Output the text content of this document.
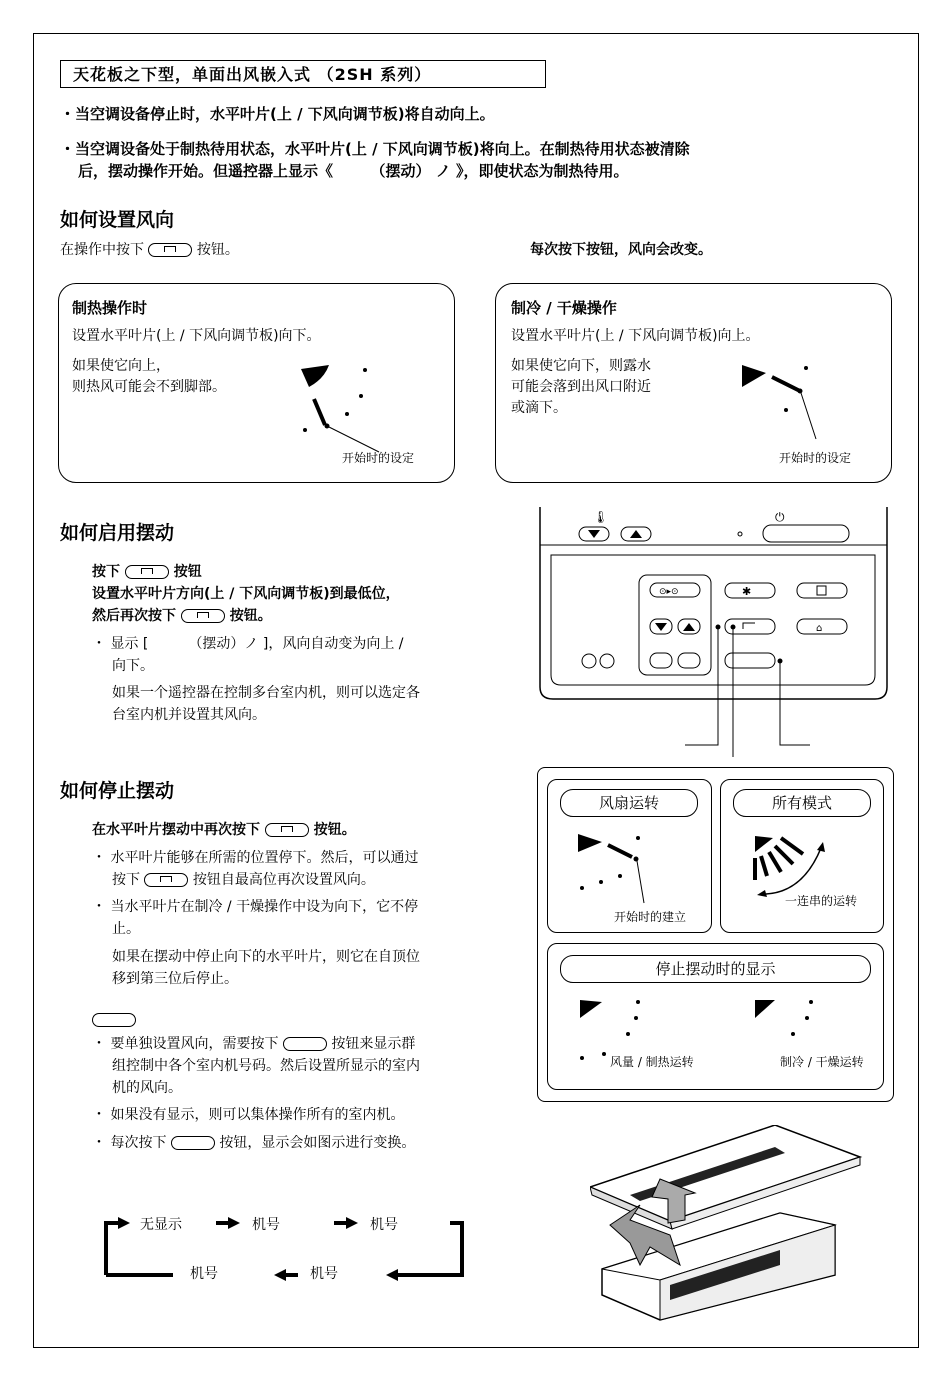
天花板之下型，单面出风嵌入式 （2SH 系列）
・当空调设备停止时，水平叶片(上 / 下风向调节板)将自动向上。
・当空调设备处于制热待用状态，水平叶片(上 / 下风向调节板)将向上。在制热待用状态被清除
后，摆动操作开始。但遥控器上显示《　　　（摆动） ノ 》，即使状态为制热待用。
如何设置风向
在操作中按下	按钮。	每次按下按钮，风向会改变。
制热操作时
设置水平叶片(上 / 下风向调节板)向下。
如果使它向上，
则热风可能会不到脚部。
开始时的设定
制冷 / 干燥操作
设置水平叶片(上 / 下风向调节板)向上。
如果使它向下，则露水
可能会落到出风口附近
或滴下。
开始时的设定
如何启用摆动
按下	按钮
设置水平叶片方向(上 / 下风向调节板)到最低位，
然后再次按下	按钮。
・ 显示 [	（摆动）ノ ]，风向自动变为向上 /
向下。
如果一个遥控器在控制多台室内机，则可以选定各
台室内机并设置其风向。
如何停止摆动
在水平叶片摆动中再次按下	按钮。
・ 水平叶片能够在所需的位置停下。然后，可以通过
按下	按钮自最高位再次设置风向。
・ 当水平叶片在制冷 / 干燥操作中设为向下，它不停
止。
如果在摆动中停止向下的水平叶片，则它在自顶位
移到第三位后停止。
・ 要单独设置风向，需要按下	按钮来显示群
组控制中各个室内机号码。然后设置所显示的室内
机的风向。
・ 如果没有显示，则可以集体操作所有的室内机。
・ 每次按下	按钮，显示会如图示进行变换。
无显示	机号	机号
机号
机号
🌡	⏻
⊙▸⊙	✱
⌂
风扇运转
开始时的建立
所有模式
一连串的运转
停止摆动时的显示
风量 / 制热运转	制冷 / 干燥运转
